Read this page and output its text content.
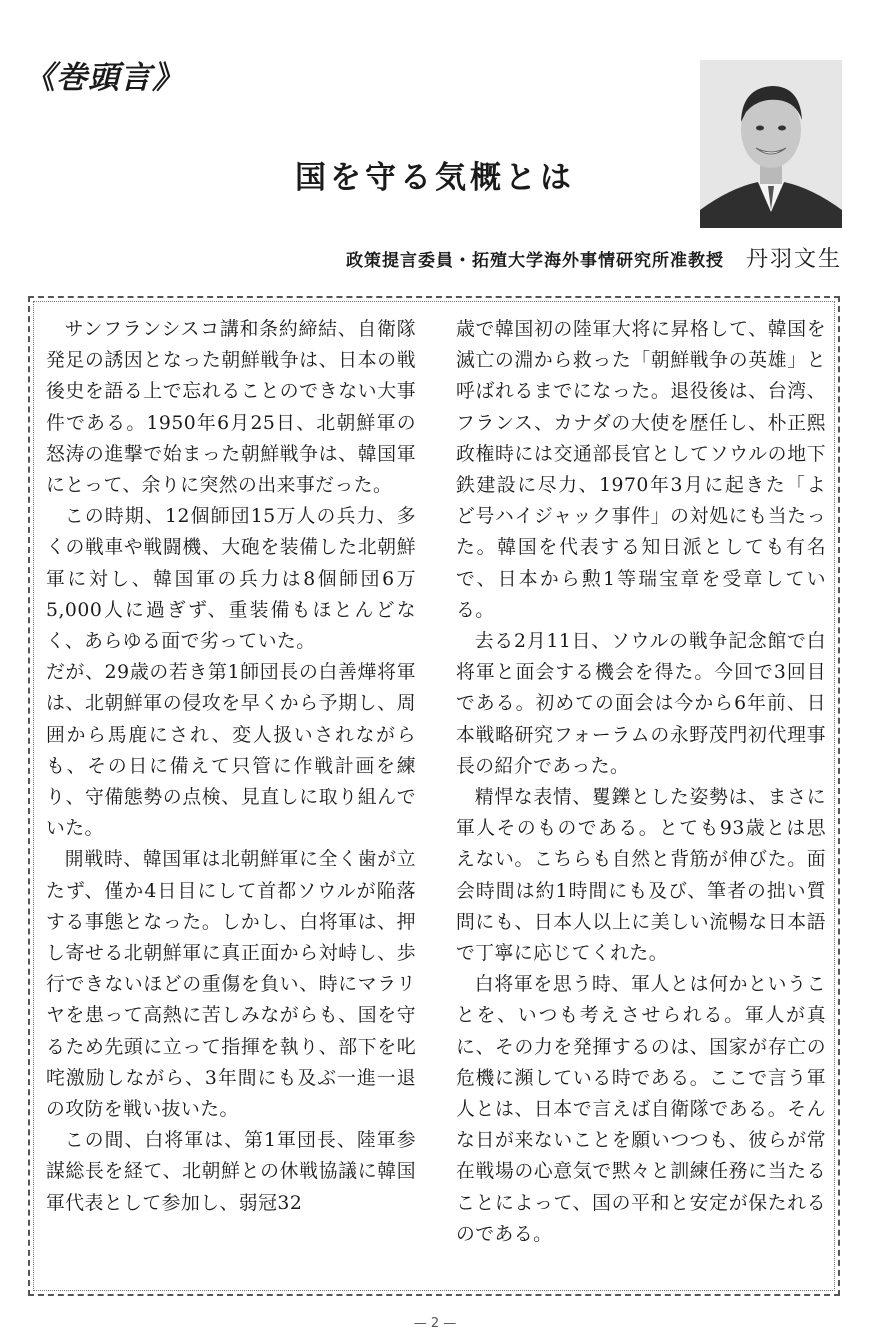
《巻頭言》
国を守る気概とは
政策提言委員・拓殖大学海外事情研究所准教授 丹羽文生

サンフランシスコ講和条約締結、自衛隊発足の誘因となった朝鮮戦争は、日本の戦後史を語る上で忘れることのできない大事件である。1950年6月25日、北朝鮮軍の怒涛の進撃で始まった朝鮮戦争は、韓国軍にとって、余りに突然の出来事だった。

この時期、12個師団15万人の兵力、多くの戦車や戦闘機、大砲を装備した北朝鮮軍に対し、韓国軍の兵力は8個師団6万5,000人に過ぎず、重装備もほとんどなく、あらゆる面で劣っていた。

だが、29歳の若き第1師団長の白善燁将軍は、北朝鮮軍の侵攻を早くから予期し、周囲から馬鹿にされ、変人扱いされながらも、その日に備えて只管に作戦計画を練り、守備態勢の点検、見直しに取り組んでいた。

開戦時、韓国軍は北朝鮮軍に全く歯が立たず、僅か4日目にして首都ソウルが陥落する事態となった。しかし、白将軍は、押し寄せる北朝鮮軍に真正面から対峙し、歩行できないほどの重傷を負い、時にマラリヤを患って高熱に苦しみながらも、国を守るため先頭に立って指揮を執り、部下を叱咤激励しながら、3年間にも及ぶ一進一退の攻防を戦い抜いた。

この間、白将軍は、第1軍団長、陸軍参謀総長を経て、北朝鮮との休戦協議に韓国軍代表として参加し、弱冠32

歳で韓国初の陸軍大将に昇格して、韓国を滅亡の淵から救った「朝鮮戦争の英雄」と呼ばれるまでになった。退役後は、台湾、フランス、カナダの大使を歴任し、朴正熙政権時には交通部長官としてソウルの地下鉄建設に尽力、1970年3月に起きた「よど号ハイジャック事件」の対処にも当たった。韓国を代表する知日派としても有名で、日本から勲1等瑞宝章を受章している。

去る2月11日、ソウルの戦争記念館で白将軍と面会する機会を得た。今回で3回目である。初めての面会は今から6年前、日本戦略研究フォーラムの永野茂門初代理事長の紹介であった。

精悍な表情、矍鑠とした姿勢は、まさに軍人そのものである。とても93歳とは思えない。こちらも自然と背筋が伸びた。面会時間は約1時間にも及び、筆者の拙い質問にも、日本人以上に美しい流暢な日本語で丁寧に応じてくれた。

白将軍を思う時、軍人とは何かということを、いつも考えさせられる。軍人が真に、その力を発揮するのは、国家が存亡の危機に瀕している時である。ここで言う軍人とは、日本で言えば自衛隊である。そんな日が来ないことを願いつつも、彼らが常在戦場の心意気で黙々と訓練任務に当たることによって、国の平和と安定が保たれるのである。

— 2 —
